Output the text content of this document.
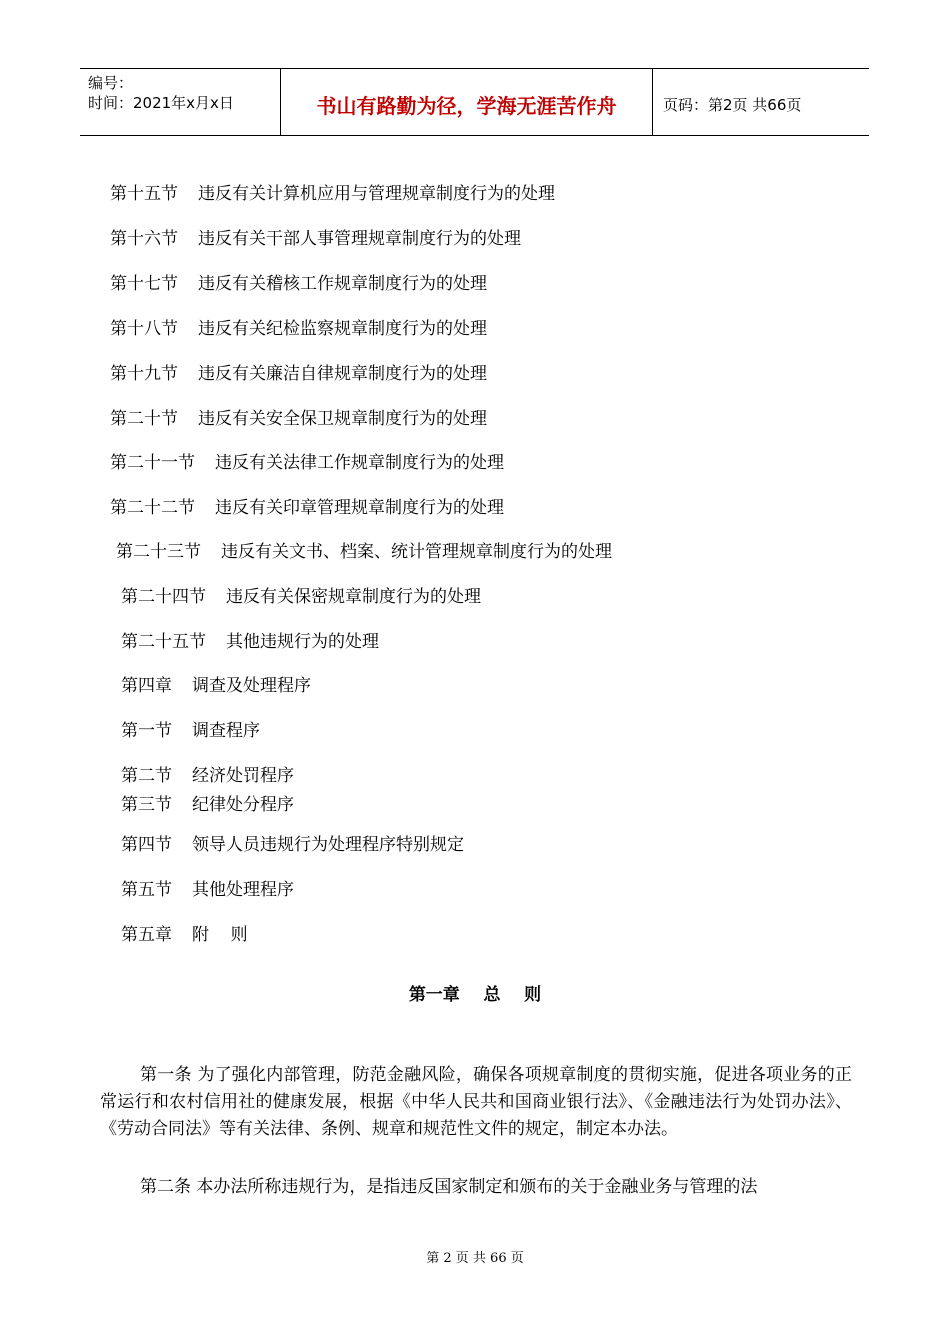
编号：
时间：2021年x月x日	书山有路勤为径，学海无涯苦作舟	页码：第2页 共66页
第十五节 违反有关计算机应用与管理规章制度行为的处理
第十六节 违反有关干部人事管理规章制度行为的处理
第十七节 违反有关稽核工作规章制度行为的处理
第十八节 违反有关纪检监察规章制度行为的处理
第十九节 违反有关廉洁自律规章制度行为的处理
第二十节 违反有关安全保卫规章制度行为的处理
第二十一节 违反有关法律工作规章制度行为的处理
第二十二节 违反有关印章管理规章制度行为的处理
第二十三节 违反有关文书、档案、统计管理规章制度行为的处理
第二十四节 违反有关保密规章制度行为的处理
第二十五节 其他违规行为的处理
第四章 调查及处理程序
第一节 调查程序
第二节 经济处罚程序
第三节 纪律处分程序
第四节 领导人员违规行为处理程序特别规定
第五节 其他处理程序
第五章 附    则
第一章    总    则

第一条 为了强化内部管理，防范金融风险，确保各项规章制度的贯彻实施，促进各项业务的正常运行和农村信用社的健康发展，根据《中华人民共和国商业银行法》、《金融违法行为处罚办法》、《劳动合同法》等有关法律、条例、规章和规范性文件的规定，制定本办法。

第二条 本办法所称违规行为，是指违反国家制定和颁布的关于金融业务与管理的法

第 2 页 共 66 页
